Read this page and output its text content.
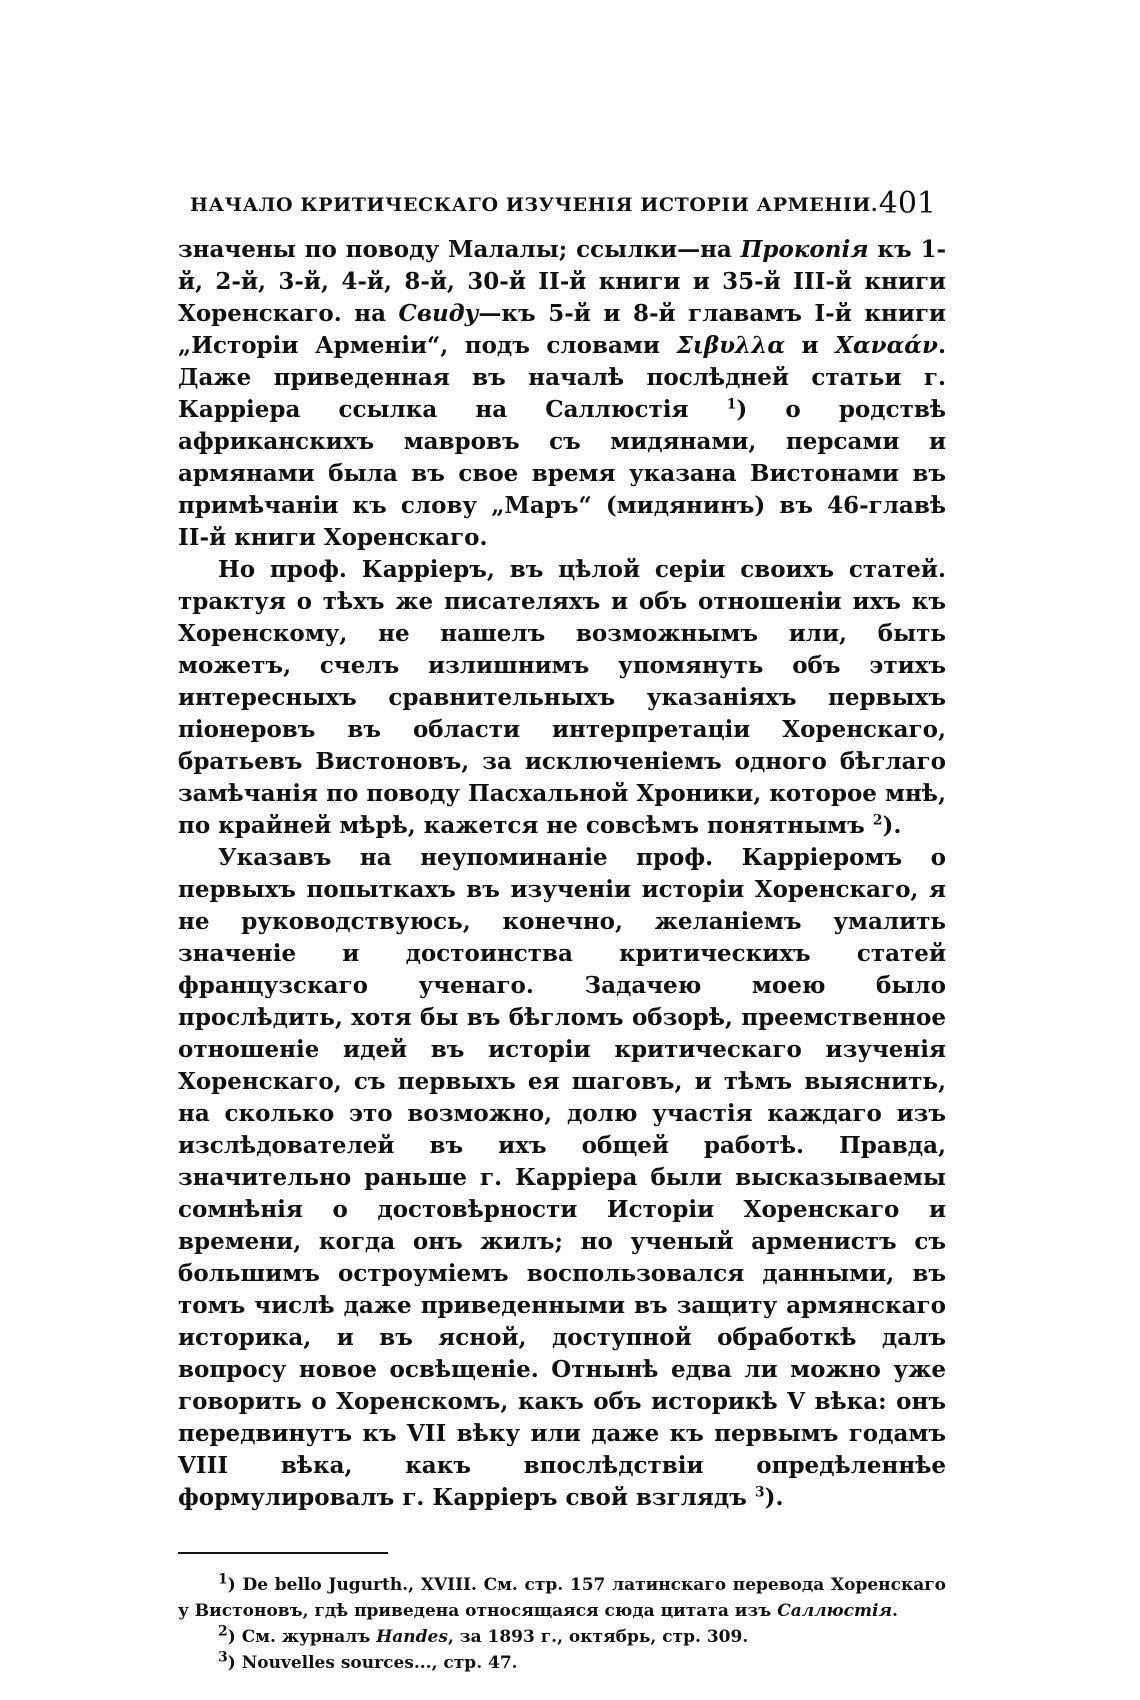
НАЧАЛО КРИТИЧЕСКАГО ИЗУЧЕНІЯ ИСТОРІИ АРМЕНІИ. 401

значены по поводу Малалы; ссылки—на Прокопія къ 1-й, 2-й, 3-й, 4-й, 8-й, 30-й II-й книги и 35-й III-й книги Хоренскаго. на Свиду—къ 5-й и 8-й главамъ I-й книги „Исторіи Арменіи“, подъ словами Σιβυλλα и Χαναάν. Даже приведенная въ началѣ послѣдней статьи г. Карріера ссылка на Саллюстія $^1$) о родствѣ африканскихъ мавровъ съ мидянами, персами и армянами была въ свое время указана Вистонами въ примѣчаніи къ слову „Маръ“ (мидянинъ) въ 46-главѣ II-й книги Хоренскаго.

Но проф. Карріеръ, въ цѣлой серіи своихъ статей. трактуя о тѣхъ же писателяхъ и объ отношеніи ихъ къ Хоренскому, не нашелъ возможнымъ или, быть можетъ, счелъ излишнимъ упомянуть объ этихъ интересныхъ сравнительныхъ указаніяхъ первыхъ піонеровъ въ области интерпретаціи Хоренскаго, братьевъ Вистоновъ, за исключеніемъ одного бѣглаго замѣчанія по поводу Пасхальной Хроники, которое мнѣ, по крайней мѣрѣ, кажется не совсѣмъ понятнымъ $^2$).

Указавъ на неупоминаніе проф. Карріеромъ о первыхъ попыткахъ въ изученіи исторіи Хоренскаго, я не руководствуюсь, конечно, желаніемъ умалить значеніе и достоинства критическихъ статей французскаго ученаго. Задачею моею было прослѣдить, хотя бы въ бѣгломъ обзорѣ, преемственное отношеніе идей въ исторіи критическаго изученія Хоренскаго, съ первыхъ ея шаговъ, и тѣмъ выяснить, на сколько это возможно, долю участія каждаго изъ изслѣдователей въ ихъ общей работѣ. Правда, значительно раньше г. Карріера были высказываемы сомнѣнія о достовѣрности Исторіи Хоренскаго и времени, когда онъ жилъ; но ученый арменистъ съ большимъ остроуміемъ воспользовался данными, въ томъ числѣ даже приведенными въ защиту армянскаго историка, и въ ясной, доступной обработкѣ далъ вопросу новое освѣщеніе. Отнынѣ едва ли можно уже говорить о Хоренскомъ, какъ объ историкѣ V вѣка: онъ передвинутъ къ VII вѣку или даже къ первымъ годамъ VIII вѣка, какъ впослѣдствіи опредѣленнѣе формулировалъ г. Карріеръ свой взглядъ $^3$).

$^1$) De bello Jugurth., XVIII. См. стр. 157 латинскаго перевода Хоренскаго у Вистоновъ, гдѣ приведена относящаяся сюда цитата изъ Саллюстія.

$^2$) См. журналъ Handes, за 1893 г., октябрь, стр. 309.

$^3$) Nouvelles sources..., стр. 47.
